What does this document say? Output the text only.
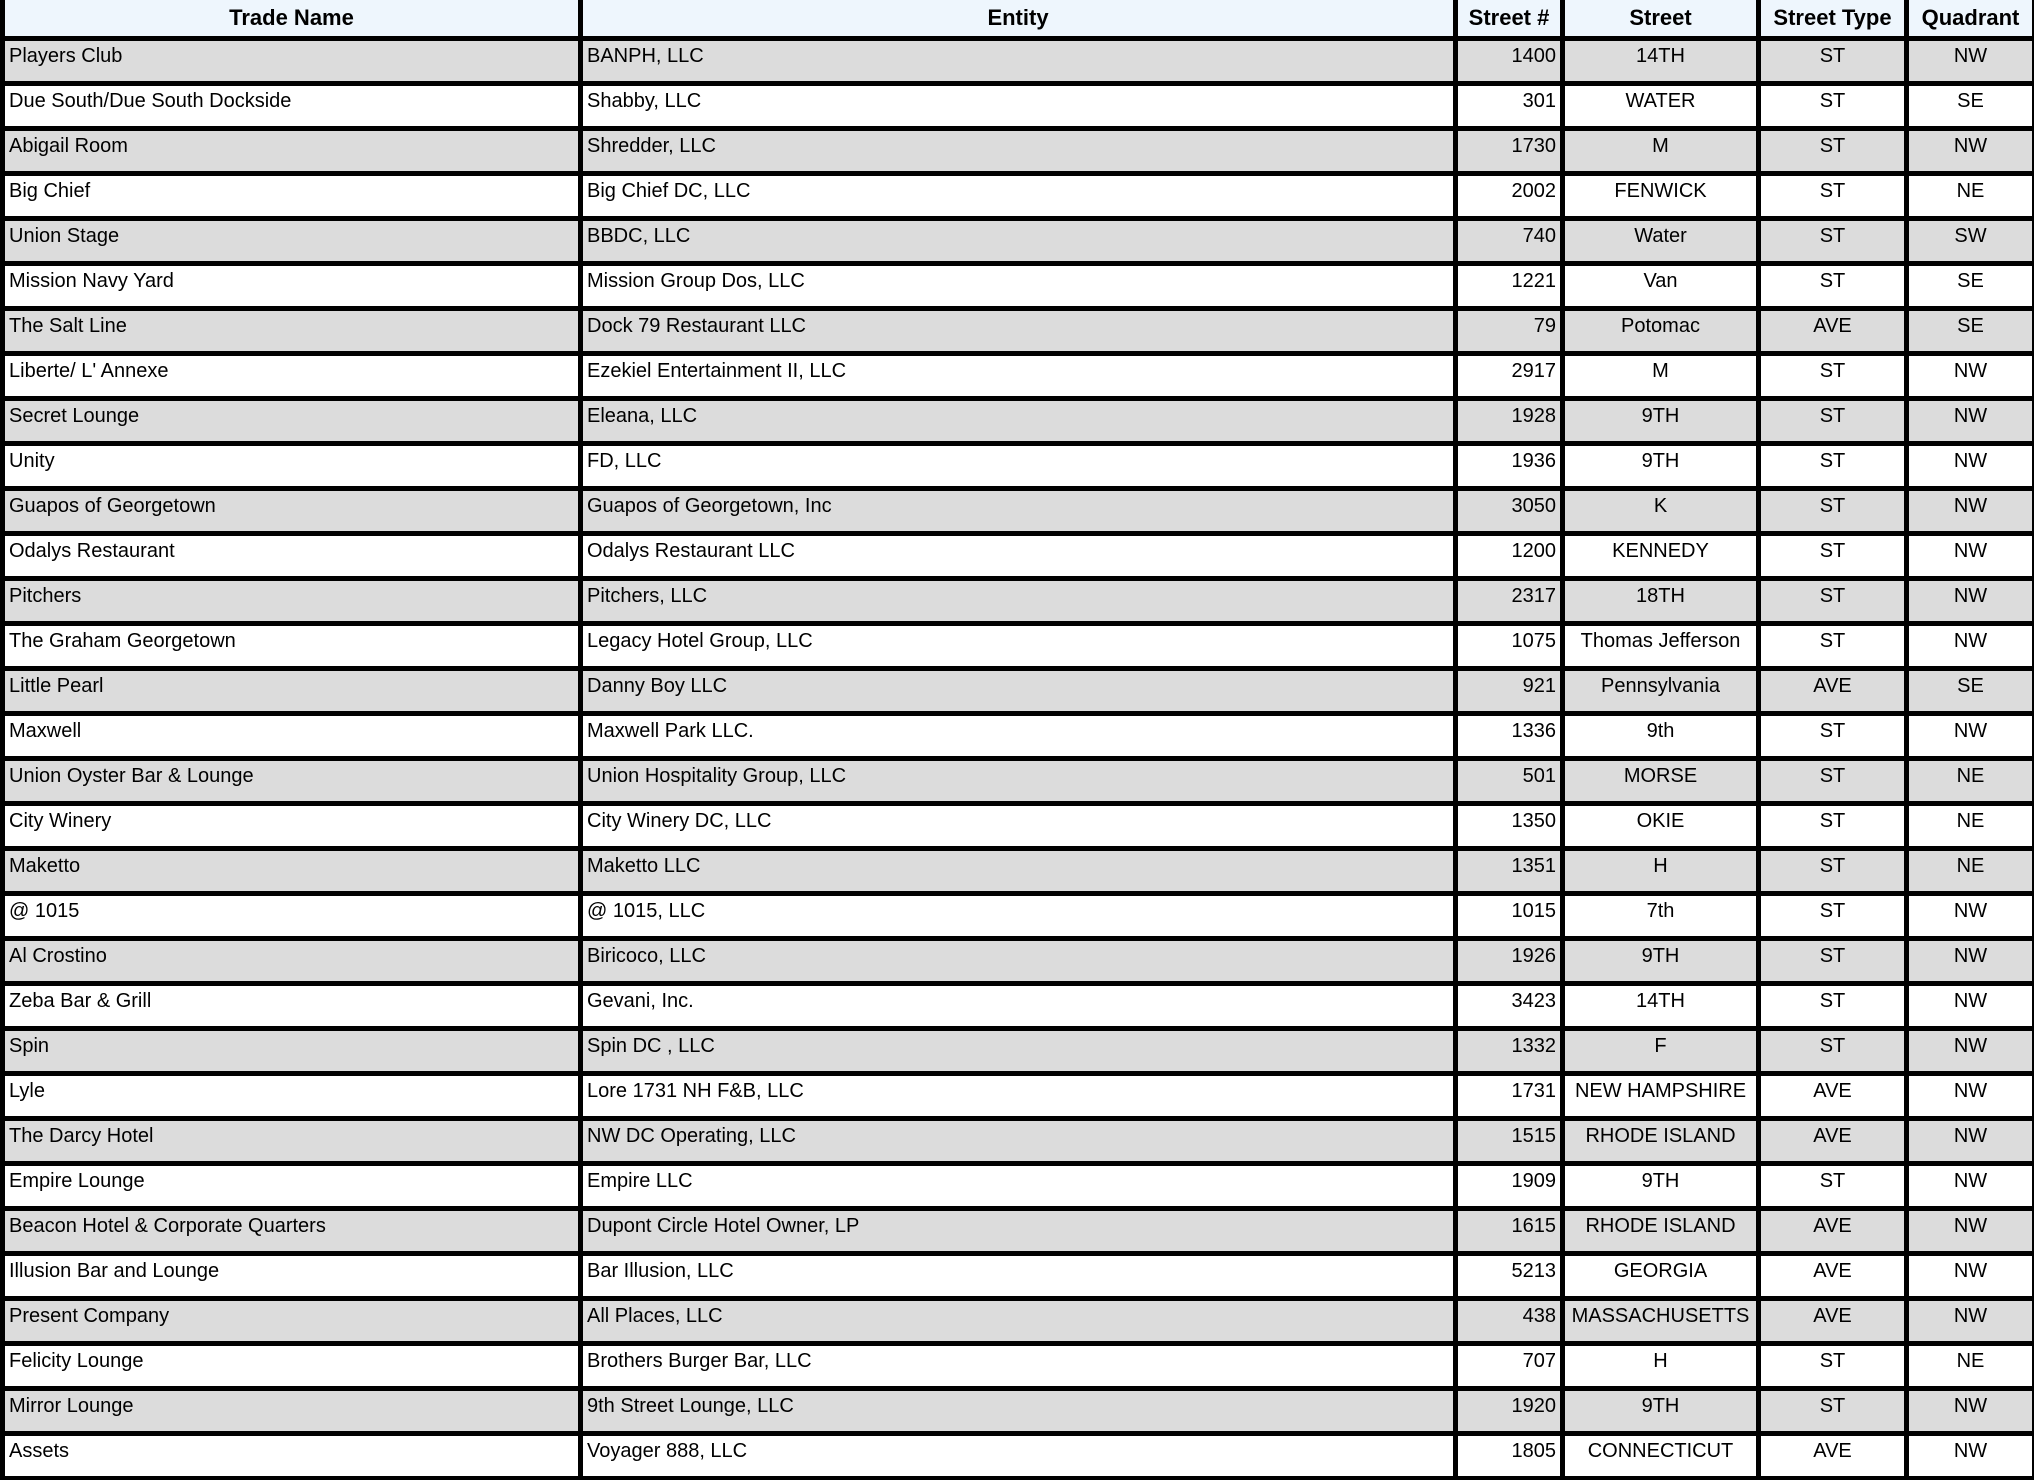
Trade Name	Entity	Street #	Street	Street Type	Quadrant
Players Club	BANPH, LLC	1400	14TH	ST	NW
Due South/Due South Dockside	Shabby, LLC	301	WATER	ST	SE
Abigail Room	Shredder, LLC	1730	M	ST	NW
Big Chief	Big Chief DC, LLC	2002	FENWICK	ST	NE
Union Stage	BBDC, LLC	740	Water	ST	SW
Mission Navy Yard	Mission Group Dos, LLC	1221	Van	ST	SE
The Salt Line	Dock 79 Restaurant LLC	79	Potomac	AVE	SE
Liberte/ L' Annexe	Ezekiel Entertainment II, LLC	2917	M	ST	NW
Secret Lounge	Eleana, LLC	1928	9TH	ST	NW
Unity	FD, LLC	1936	9TH	ST	NW
Guapos of Georgetown	Guapos of Georgetown, Inc	3050	K	ST	NW
Odalys Restaurant	Odalys Restaurant LLC	1200	KENNEDY	ST	NW
Pitchers	Pitchers, LLC	2317	18TH	ST	NW
The Graham Georgetown	Legacy Hotel Group, LLC	1075	Thomas Jefferson	ST	NW
Little Pearl	Danny Boy LLC	921	Pennsylvania	AVE	SE
Maxwell	Maxwell Park LLC.	1336	9th	ST	NW
Union Oyster Bar & Lounge	Union Hospitality Group, LLC	501	MORSE	ST	NE
City Winery	City Winery DC, LLC	1350	OKIE	ST	NE
Maketto	Maketto LLC	1351	H	ST	NE
@ 1015	@ 1015, LLC	1015	7th	ST	NW
Al Crostino	Biricoco, LLC	1926	9TH	ST	NW
Zeba Bar & Grill	Gevani, Inc.	3423	14TH	ST	NW
Spin	Spin DC , LLC	1332	F	ST	NW
Lyle	Lore 1731 NH F&B, LLC	1731	NEW HAMPSHIRE	AVE	NW
The Darcy Hotel	NW DC Operating, LLC	1515	RHODE ISLAND	AVE	NW
Empire Lounge	Empire LLC	1909	9TH	ST	NW
Beacon Hotel & Corporate Quarters	Dupont Circle Hotel Owner, LP	1615	RHODE ISLAND	AVE	NW
Illusion Bar and Lounge	Bar Illusion, LLC	5213	GEORGIA	AVE	NW
Present Company	All Places, LLC	438	MASSACHUSETTS	AVE	NW
Felicity Lounge	Brothers Burger Bar, LLC	707	H	ST	NE
Mirror Lounge	9th Street Lounge, LLC	1920	9TH	ST	NW
Assets	Voyager 888, LLC	1805	CONNECTICUT	AVE	NW
